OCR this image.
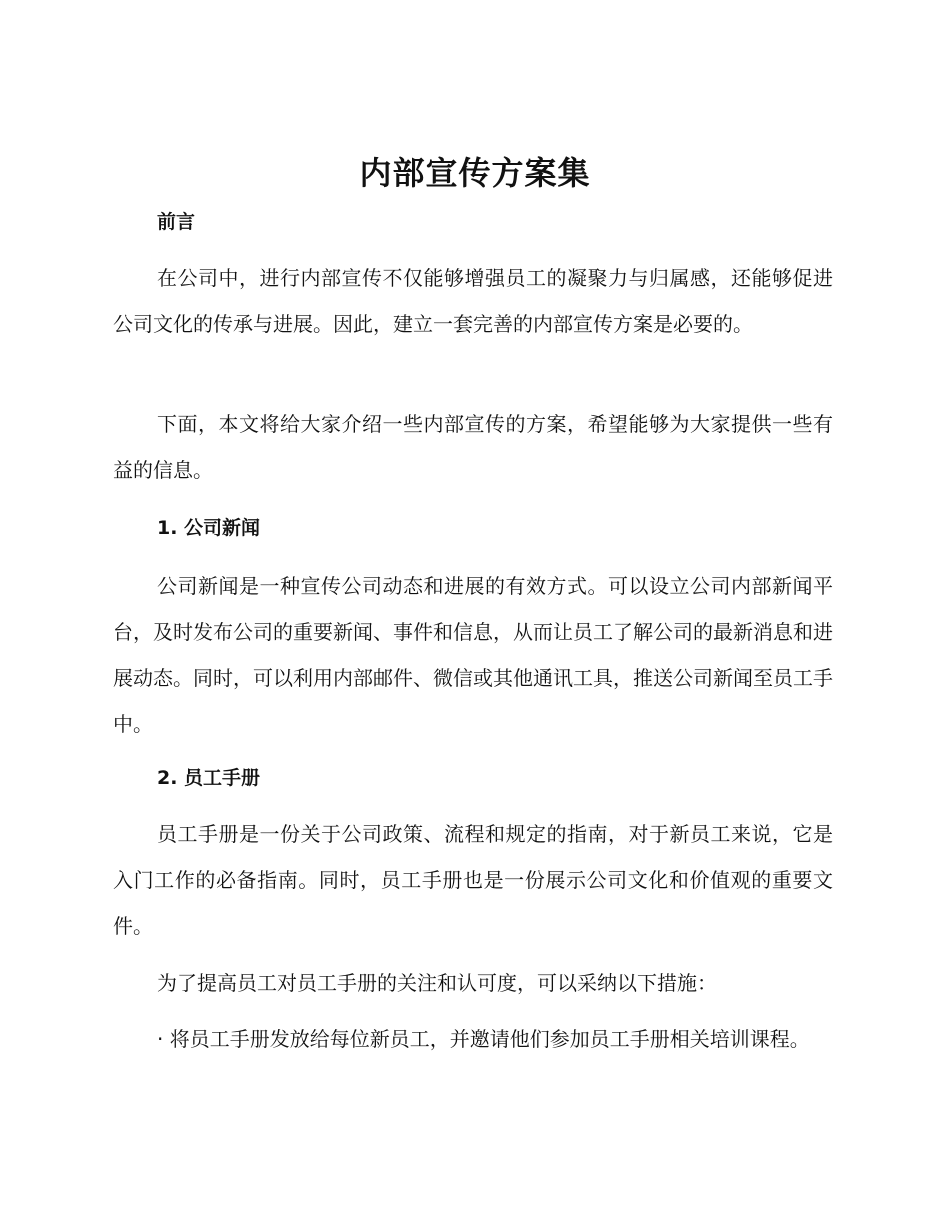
内部宣传方案集
前言

在公司中，进行内部宣传不仅能够增强员工的凝聚力与归属感，还能够促进公司文化的传承与进展。因此，建立一套完善的内部宣传方案是必要的。

下面，本文将给大家介绍一些内部宣传的方案，希望能够为大家提供一些有益的信息。

1. 公司新闻

公司新闻是一种宣传公司动态和进展的有效方式。可以设立公司内部新闻平台，及时发布公司的重要新闻、事件和信息，从而让员工了解公司的最新消息和进展动态。同时，可以利用内部邮件、微信或其他通讯工具，推送公司新闻至员工手中。

2. 员工手册

员工手册是一份关于公司政策、流程和规定的指南，对于新员工来说，它是入门工作的必备指南。同时，员工手册也是一份展示公司文化和价值观的重要文件。

为了提高员工对员工手册的关注和认可度，可以采纳以下措施：

· 将员工手册发放给每位新员工，并邀请他们参加员工手册相关培训课程。
